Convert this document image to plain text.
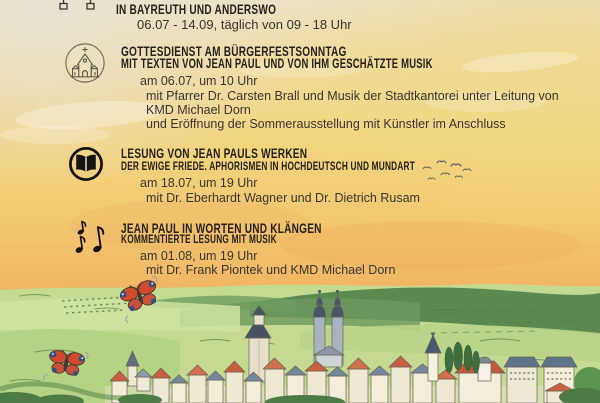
IN BAYREUTH UND ANDERSWO
06.07 - 14.09, täglich von 09 - 18 Uhr
GOTTESDIENST AM BÜRGERFESTSONNTAG
MIT TEXTEN VON JEAN PAUL UND VON IHM GESCHÄTZTE MUSIK
am 06.07, um 10 Uhr
mit Pfarrer Dr. Carsten Brall und Musik der Stadtkantorei unter Leitung von
KMD Michael Dorn
und Eröffnung der Sommerausstellung mit Künstler im Anschluss
LESUNG VON JEAN PAULS WERKEN
DER EWIGE FRIEDE. APHORISMEN IN HOCHDEUTSCH UND MUNDART
am 18.07, um 19 Uhr
mit Dr. Eberhardt Wagner und Dr. Dietrich Rusam
JEAN PAUL IN WORTEN UND KLÄNGEN
KOMMENTIERTE LESUNG MIT MUSIK
am 01.08, um 19 Uhr
mit Dr. Frank Piontek und KMD Michael Dorn
